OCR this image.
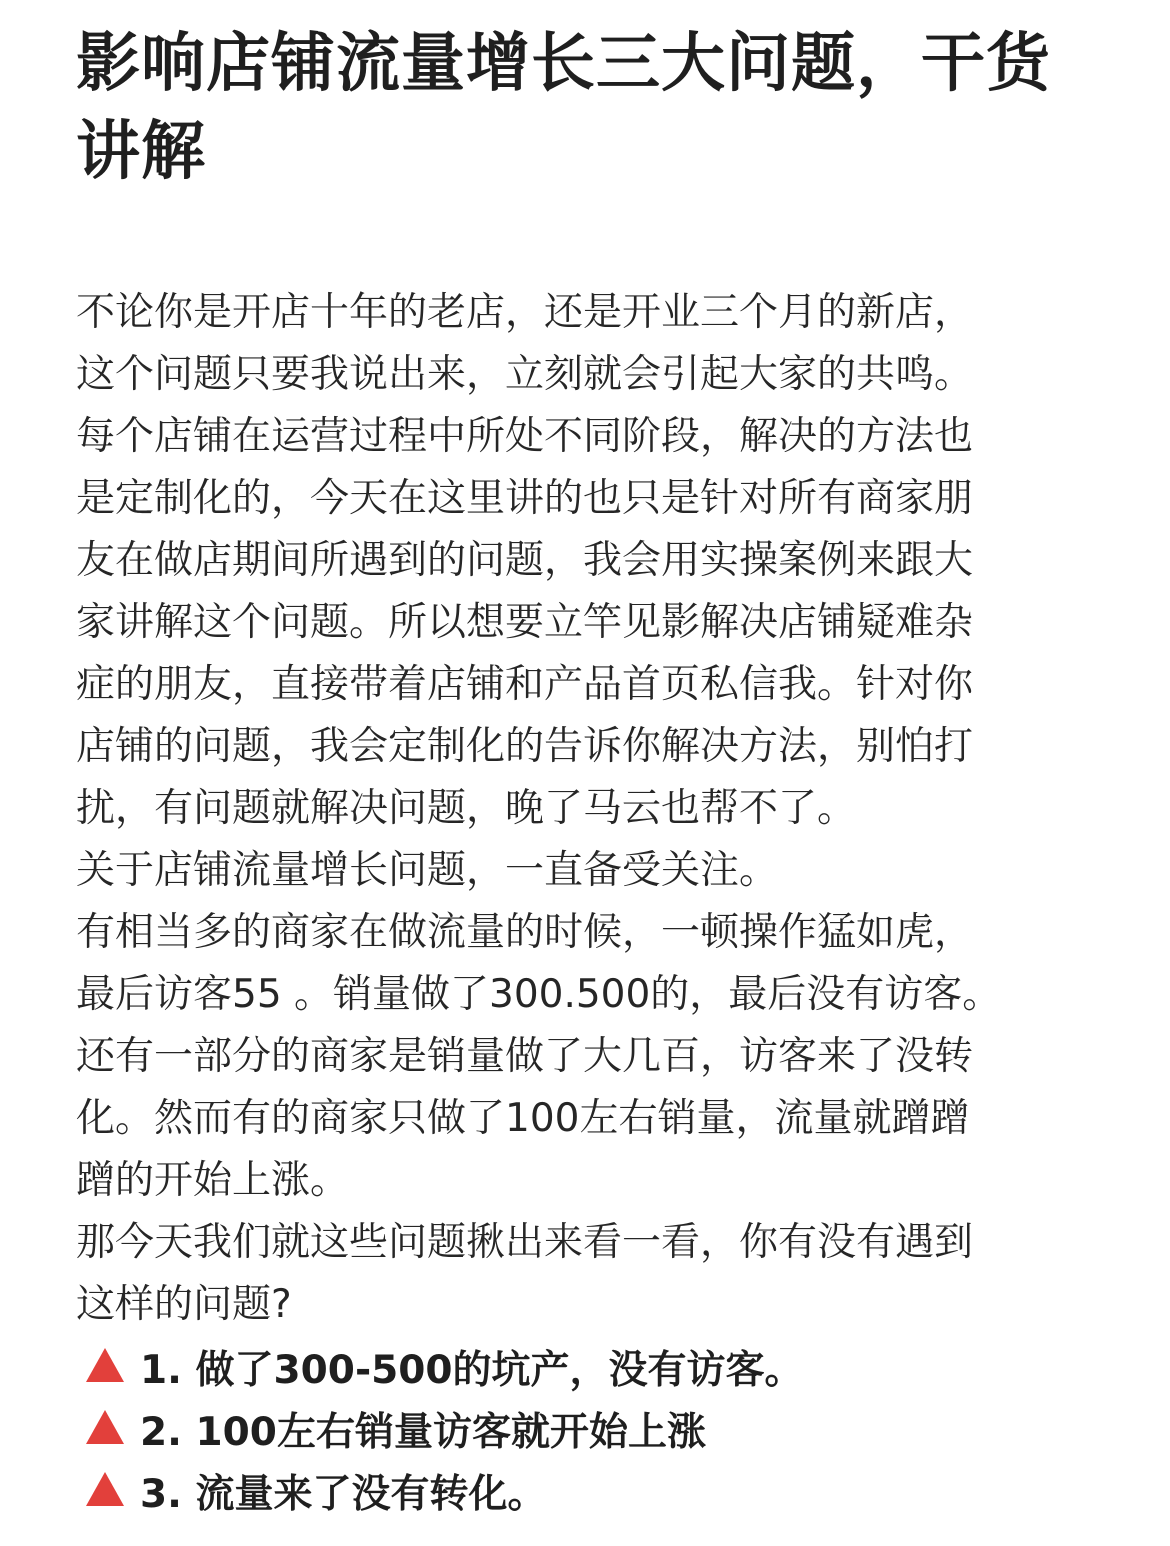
影响店铺流量增长三大问题，干货讲解
不论你是开店十年的老店，还是开业三个月的新店，
这个问题只要我说出来，立刻就会引起大家的共鸣。
每个店铺在运营过程中所处不同阶段，解决的方法也
是定制化的，今天在这里讲的也只是针对所有商家朋
友在做店期间所遇到的问题，我会用实操案例来跟大
家讲解这个问题。所以想要立竿见影解决店铺疑难杂
症的朋友，直接带着店铺和产品首页私信我。针对你
店铺的问题，我会定制化的告诉你解决方法，别怕打
扰，有问题就解决问题，晚了马云也帮不了。
关于店铺流量增长问题，一直备受关注。
有相当多的商家在做流量的时候，一顿操作猛如虎，
最后访客55 。销量做了300.500的，最后没有访客。
还有一部分的商家是销量做了大几百，访客来了没转
化。然而有的商家只做了100左右销量，流量就蹭蹭
蹭的开始上涨。
那今天我们就这些问题揪出来看一看，你有没有遇到
这样的问题?
1. 做了300-500的坑产，没有访客。
2. 100左右销量访客就开始上涨
3. 流量来了没有转化。
